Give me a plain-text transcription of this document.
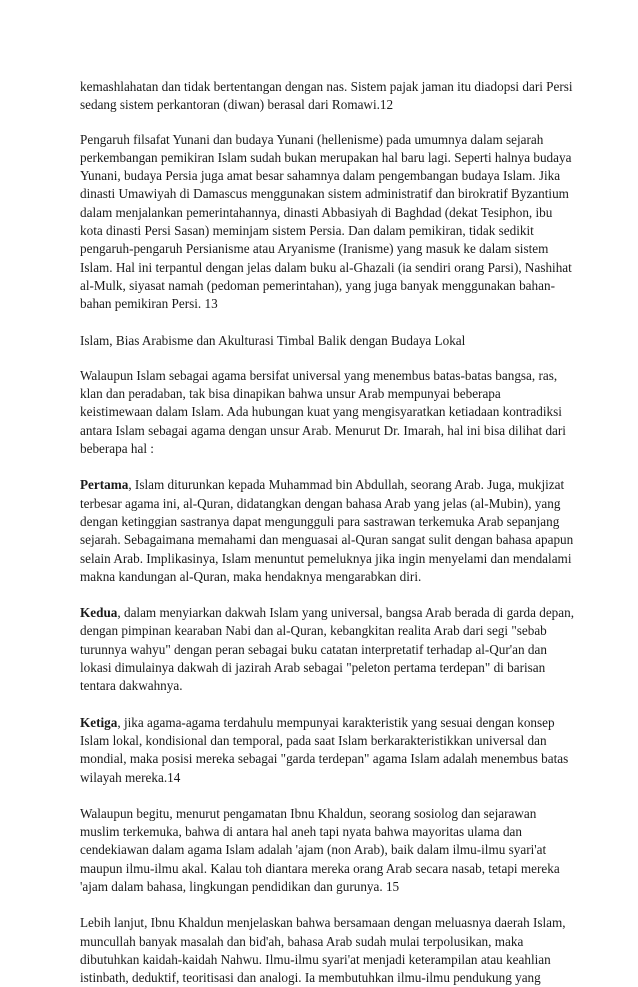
kemashlahatan dan tidak bertentangan dengan nas. Sistem pajak jaman itu diadopsi dari Persi
sedang sistem perkantoran (diwan) berasal dari Romawi.12

Pengaruh filsafat Yunani dan budaya Yunani (hellenisme) pada umumnya dalam sejarah
perkembangan pemikiran Islam sudah bukan merupakan hal baru lagi. Seperti halnya budaya
Yunani, budaya Persia juga amat besar sahamnya dalam pengembangan budaya Islam. Jika
dinasti Umawiyah di Damascus menggunakan sistem administratif dan birokratif Byzantium
dalam menjalankan pemerintahannya, dinasti Abbasiyah di Baghdad (dekat Tesiphon, ibu
kota dinasti Persi Sasan) meminjam sistem Persia. Dan dalam pemikiran, tidak sedikit
pengaruh-pengaruh Persianisme atau Aryanisme (Iranisme) yang masuk ke dalam sistem
Islam. Hal ini terpantul dengan jelas dalam buku al-Ghazali (ia sendiri orang Parsi), Nashihat
al-Mulk, siyasat namah (pedoman pemerintahan), yang juga banyak menggunakan bahan-
bahan pemikiran Persi. 13

Islam, Bias Arabisme dan Akulturasi Timbal Balik dengan Budaya Lokal

Walaupun Islam sebagai agama bersifat universal yang menembus batas-batas bangsa, ras,
klan dan peradaban, tak bisa dinapikan bahwa unsur Arab mempunyai beberapa
keistimewaan dalam Islam. Ada hubungan kuat yang mengisyaratkan ketiadaan kontradiksi
antara Islam sebagai agama dengan unsur Arab. Menurut Dr. Imarah, hal ini bisa dilihat dari
beberapa hal :

Pertama, Islam diturunkan kepada Muhammad bin Abdullah, seorang Arab. Juga, mukjizat
terbesar agama ini, al-Quran, didatangkan dengan bahasa Arab yang jelas (al-Mubin), yang
dengan ketinggian sastranya dapat mengungguli para sastrawan terkemuka Arab sepanjang
sejarah. Sebagaimana memahami dan menguasai al-Quran sangat sulit dengan bahasa apapun
selain Arab. Implikasinya, Islam menuntut pemeluknya jika ingin menyelami dan mendalami
makna kandungan al-Quran, maka hendaknya mengarabkan diri.

Kedua, dalam menyiarkan dakwah Islam yang universal, bangsa Arab berada di garda depan,
dengan pimpinan kearaban Nabi dan al-Quran, kebangkitan realita Arab dari segi "sebab
turunnya wahyu" dengan peran sebagai buku catatan interpretatif terhadap al-Qur'an dan
lokasi dimulainya dakwah di jazirah Arab sebagai "peleton pertama terdepan" di barisan
tentara dakwahnya.

Ketiga, jika agama-agama terdahulu mempunyai karakteristik yang sesuai dengan konsep
Islam lokal, kondisional dan temporal, pada saat Islam berkarakteristikkan universal dan
mondial, maka posisi mereka sebagai "garda terdepan" agama Islam adalah menembus batas
wilayah mereka.14

Walaupun begitu, menurut pengamatan Ibnu Khaldun, seorang sosiolog dan sejarawan
muslim terkemuka, bahwa di antara hal aneh tapi nyata bahwa mayoritas ulama dan
cendekiawan dalam agama Islam adalah 'ajam (non Arab), baik dalam ilmu-ilmu syari'at
maupun ilmu-ilmu akal. Kalau toh diantara mereka orang Arab secara nasab, tetapi mereka
'ajam dalam bahasa, lingkungan pendidikan dan gurunya. 15

Lebih lanjut, Ibnu Khaldun menjelaskan bahwa bersamaan dengan meluasnya daerah Islam,
muncullah banyak masalah dan bid'ah, bahasa Arab sudah mulai terpolusikan, maka
dibutuhkan kaidah-kaidah Nahwu. Ilmu-ilmu syari'at menjadi keterampilan atau keahlian
istinbath, deduktif, teoritisasi dan analogi. Ia membutuhkan ilmu-ilmu pendukung yang
